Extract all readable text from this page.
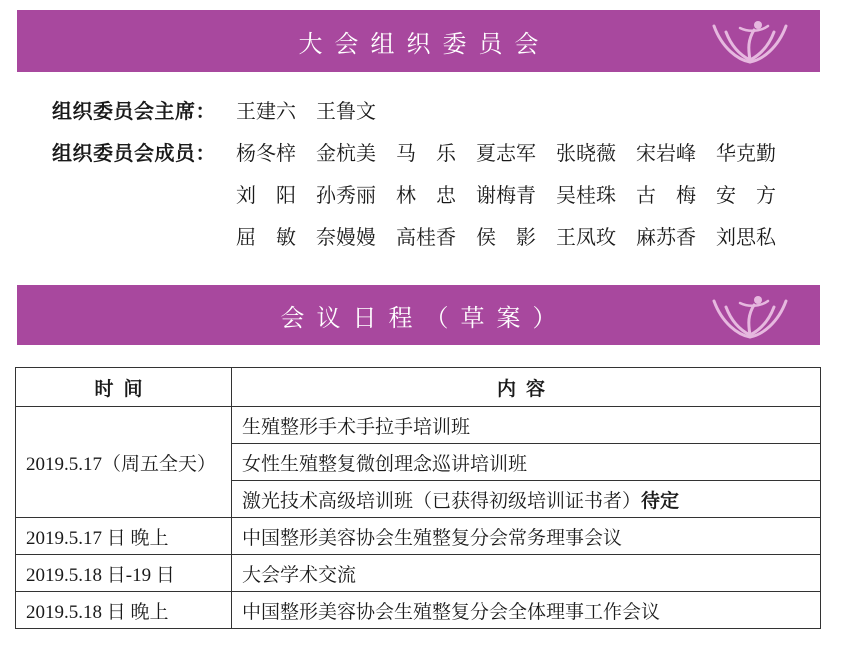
大会组织委员会
组织委员会主席：	王建六	王鲁文
组织委员会成员：	杨冬梓	金杭美	马　乐	夏志军	张晓薇	宋岩峰	华克勤
刘　阳	孙秀丽	林　忠	谢梅青	吴桂珠	古　梅	安　方
屈　敏	奈嫚嫚	高桂香	侯　影	王凤玫	麻苏香	刘思私
会议日程（草案）
时间	内容
2019.5.17（周五全天）	生殖整形手术手拉手培训班
	女性生殖整复微创理念巡讲培训班
	激光技术高级培训班（已获得初级培训证书者）待定
2019.5.17 日 晚上	中国整形美容协会生殖整复分会常务理事会议
2019.5.18 日-19 日	大会学术交流
2019.5.18 日 晚上	中国整形美容协会生殖整复分会全体理事工作会议
